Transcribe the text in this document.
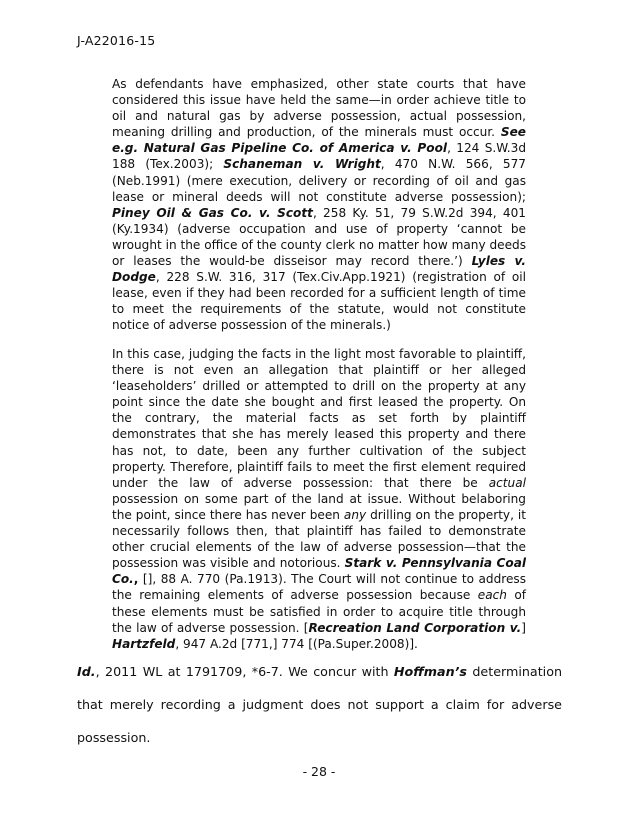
J-A22016-15

As defendants have emphasized, other state courts that have considered this issue have held the same—in order achieve title to oil and natural gas by adverse possession, actual possession, meaning drilling and production, of the minerals must occur. See e.g. Natural Gas Pipeline Co. of America v. Pool, 124 S.W.3d 188 (Tex.2003); Schaneman v. Wright, 470 N.W. 566, 577 (Neb.1991) (mere execution, delivery or recording of oil and gas lease or mineral deeds will not constitute adverse possession); Piney Oil & Gas Co. v. Scott, 258 Ky. 51, 79 S.W.2d 394, 401 (Ky.1934) (adverse occupation and use of property ‘cannot be wrought in the office of the county clerk no matter how many deeds or leases the would-be disseisor may record there.’) Lyles v. Dodge, 228 S.W. 316, 317 (Tex.Civ.App.1921) (registration of oil lease, even if they had been recorded for a sufficient length of time to meet the requirements of the statute, would not constitute notice of adverse possession of the minerals.)

In this case, judging the facts in the light most favorable to plaintiff, there is not even an allegation that plaintiff or her alleged ‘leaseholders’ drilled or attempted to drill on the property at any point since the date she bought and first leased the property. On the contrary, the material facts as set forth by plaintiff demonstrates that she has merely leased this property and there has not, to date, been any further cultivation of the subject property. Therefore, plaintiff fails to meet the first element required under the law of adverse possession: that there be actual possession on some part of the land at issue. Without belaboring the point, since there has never been any drilling on the property, it necessarily follows then, that plaintiff has failed to demonstrate other crucial elements of the law of adverse possession—that the possession was visible and notorious. Stark v. Pennsylvania Coal Co., [], 88 A. 770 (Pa.1913). The Court will not continue to address the remaining elements of adverse possession because each of these elements must be satisfied in order to acquire title through the law of adverse possession. [Recreation Land Corporation v.] Hartzfeld, 947 A.2d [771,] 774 [(Pa.Super.2008)].

Id., 2011 WL at 1791709, *6-7. We concur with Hoffman’s determination that merely recording a judgment does not support a claim for adverse possession.

- 28 -
